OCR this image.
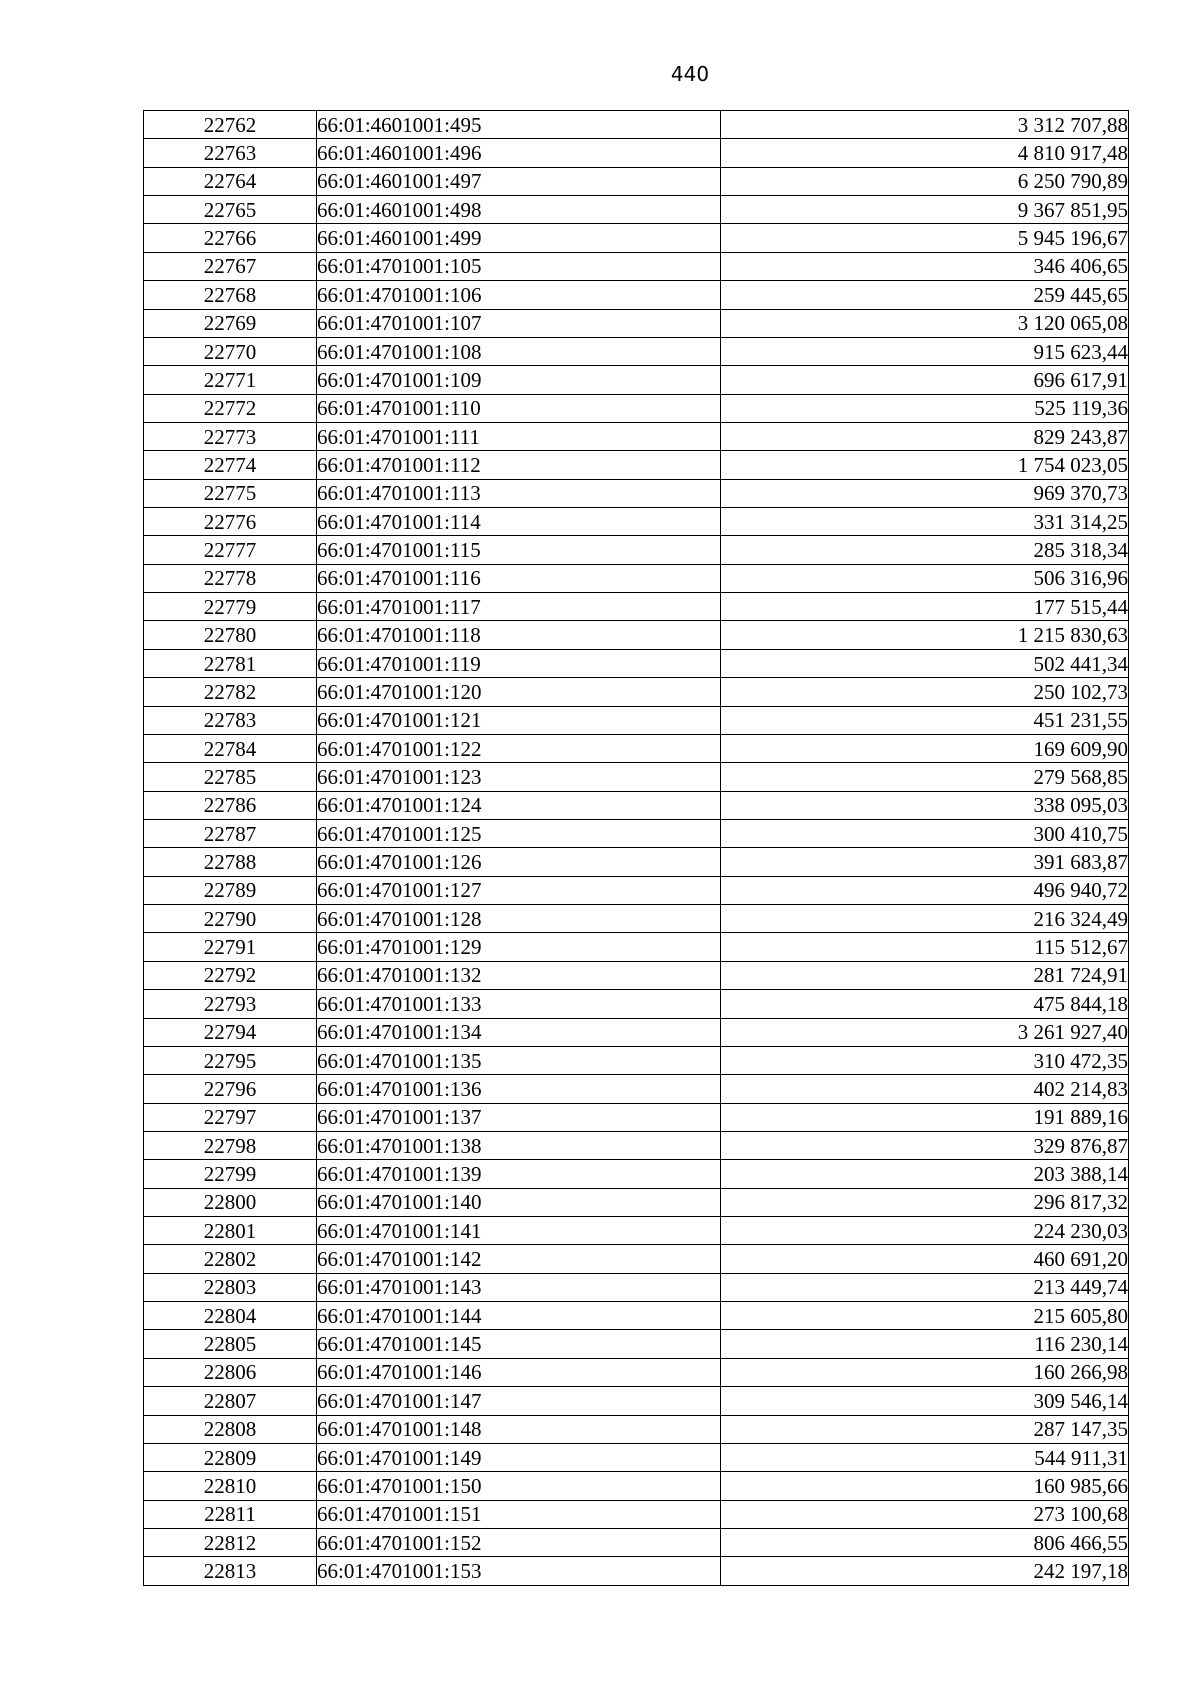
440
22762	66:01:4601001:495	3 312 707,88
22763	66:01:4601001:496	4 810 917,48
22764	66:01:4601001:497	6 250 790,89
22765	66:01:4601001:498	9 367 851,95
22766	66:01:4601001:499	5 945 196,67
22767	66:01:4701001:105	346 406,65
22768	66:01:4701001:106	259 445,65
22769	66:01:4701001:107	3 120 065,08
22770	66:01:4701001:108	915 623,44
22771	66:01:4701001:109	696 617,91
22772	66:01:4701001:110	525 119,36
22773	66:01:4701001:111	829 243,87
22774	66:01:4701001:112	1 754 023,05
22775	66:01:4701001:113	969 370,73
22776	66:01:4701001:114	331 314,25
22777	66:01:4701001:115	285 318,34
22778	66:01:4701001:116	506 316,96
22779	66:01:4701001:117	177 515,44
22780	66:01:4701001:118	1 215 830,63
22781	66:01:4701001:119	502 441,34
22782	66:01:4701001:120	250 102,73
22783	66:01:4701001:121	451 231,55
22784	66:01:4701001:122	169 609,90
22785	66:01:4701001:123	279 568,85
22786	66:01:4701001:124	338 095,03
22787	66:01:4701001:125	300 410,75
22788	66:01:4701001:126	391 683,87
22789	66:01:4701001:127	496 940,72
22790	66:01:4701001:128	216 324,49
22791	66:01:4701001:129	115 512,67
22792	66:01:4701001:132	281 724,91
22793	66:01:4701001:133	475 844,18
22794	66:01:4701001:134	3 261 927,40
22795	66:01:4701001:135	310 472,35
22796	66:01:4701001:136	402 214,83
22797	66:01:4701001:137	191 889,16
22798	66:01:4701001:138	329 876,87
22799	66:01:4701001:139	203 388,14
22800	66:01:4701001:140	296 817,32
22801	66:01:4701001:141	224 230,03
22802	66:01:4701001:142	460 691,20
22803	66:01:4701001:143	213 449,74
22804	66:01:4701001:144	215 605,80
22805	66:01:4701001:145	116 230,14
22806	66:01:4701001:146	160 266,98
22807	66:01:4701001:147	309 546,14
22808	66:01:4701001:148	287 147,35
22809	66:01:4701001:149	544 911,31
22810	66:01:4701001:150	160 985,66
22811	66:01:4701001:151	273 100,68
22812	66:01:4701001:152	806 466,55
22813	66:01:4701001:153	242 197,18
